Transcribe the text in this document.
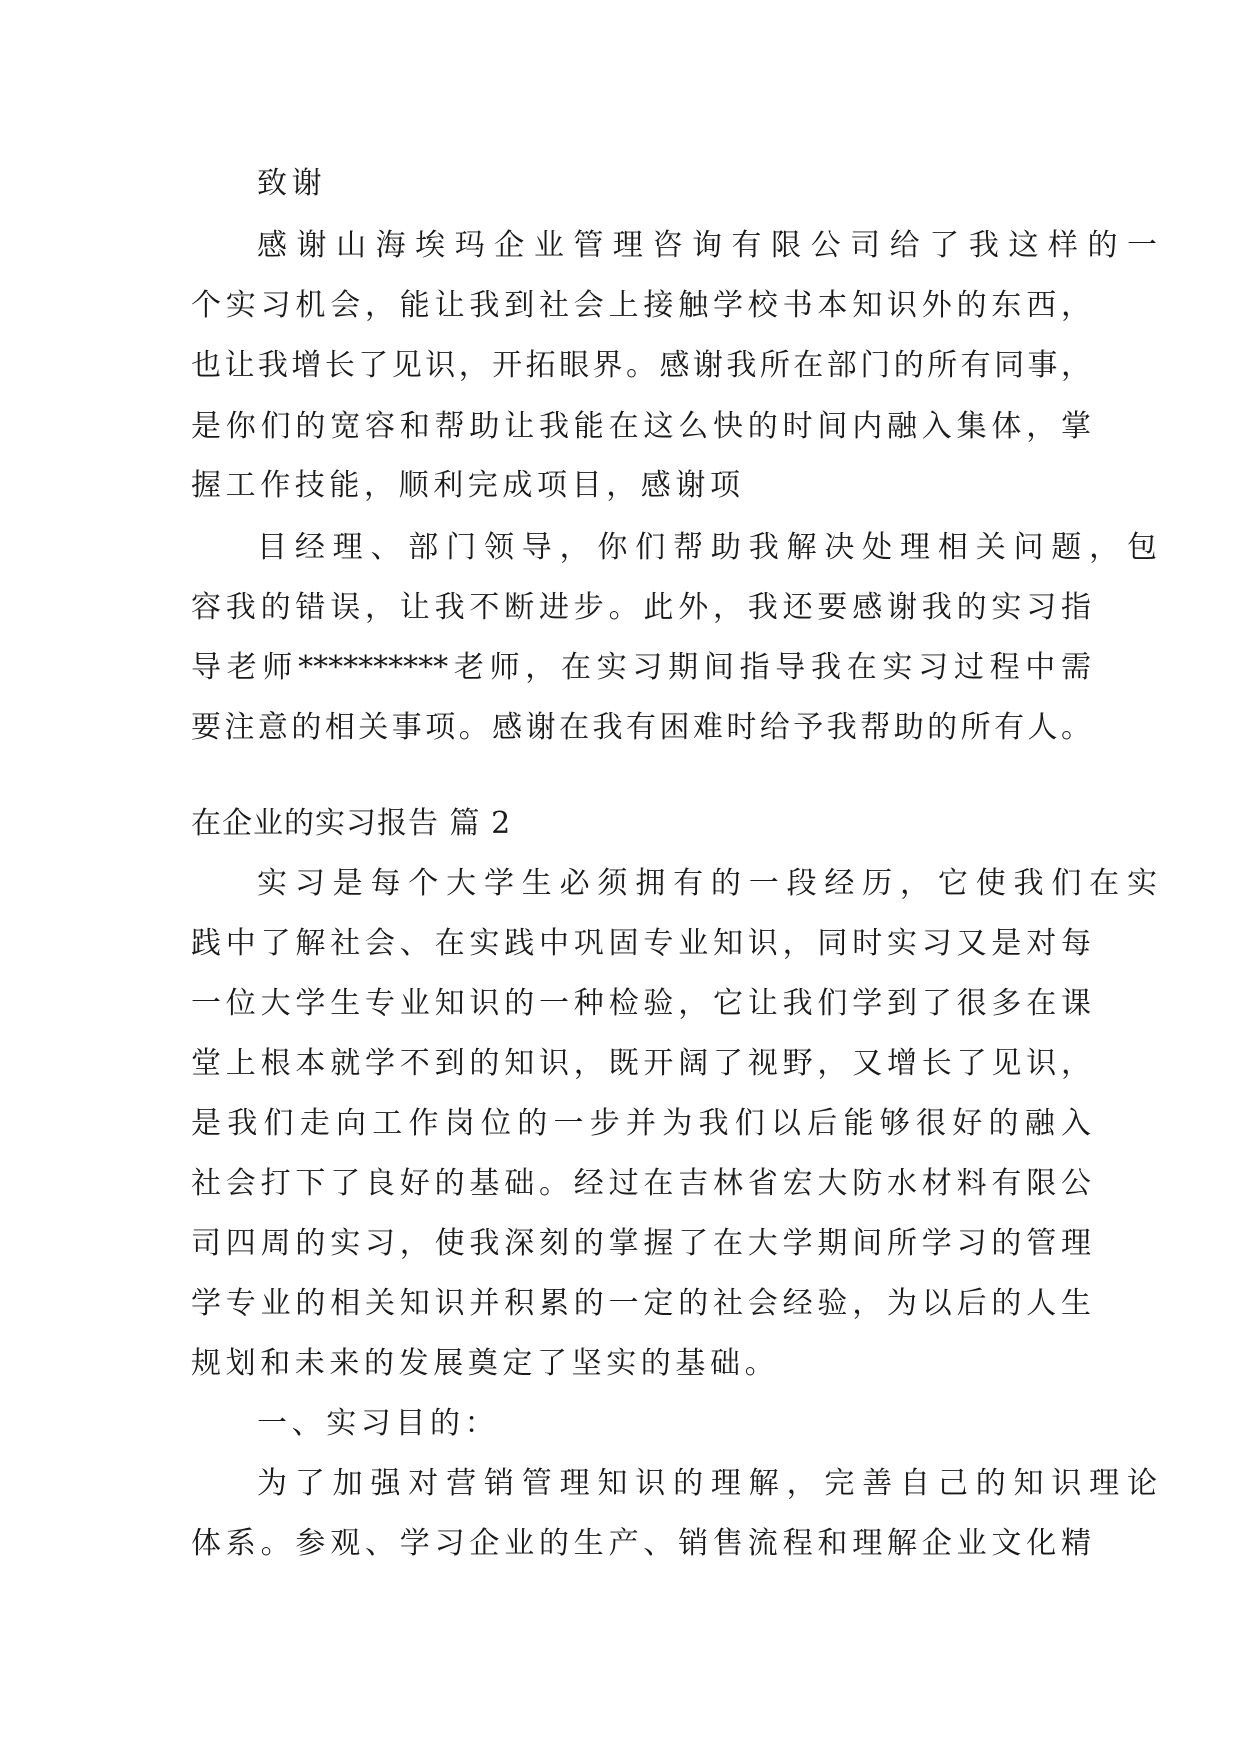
致谢
感谢山海埃玛企业管理咨询有限公司给了我这样的一
个实习机会，能让我到社会上接触学校书本知识外的东西，
也让我增长了见识，开拓眼界。感谢我所在部门的所有同事，
是你们的宽容和帮助让我能在这么快的时间内融入集体，掌
握工作技能，顺利完成项目，感谢项
目经理、部门领导，你们帮助我解决处理相关问题，包
容我的错误，让我不断进步。此外，我还要感谢我的实习指
导老师**********老师，在实习期间指导我在实习过程中需
要注意的相关事项。感谢在我有困难时给予我帮助的所有人。
在企业的实习报告 篇 2
实习是每个大学生必须拥有的一段经历，它使我们在实
践中了解社会、在实践中巩固专业知识，同时实习又是对每
一位大学生专业知识的一种检验，它让我们学到了很多在课
堂上根本就学不到的知识，既开阔了视野，又增长了见识，
是我们走向工作岗位的一步并为我们以后能够很好的融入
社会打下了良好的基础。经过在吉林省宏大防水材料有限公
司四周的实习，使我深刻的掌握了在大学期间所学习的管理
学专业的相关知识并积累的一定的社会经验，为以后的人生
规划和未来的发展奠定了坚实的基础。
一、实习目的：
为了加强对营销管理知识的理解，完善自己的知识理论
体系。参观、学习企业的生产、销售流程和理解企业文化精
